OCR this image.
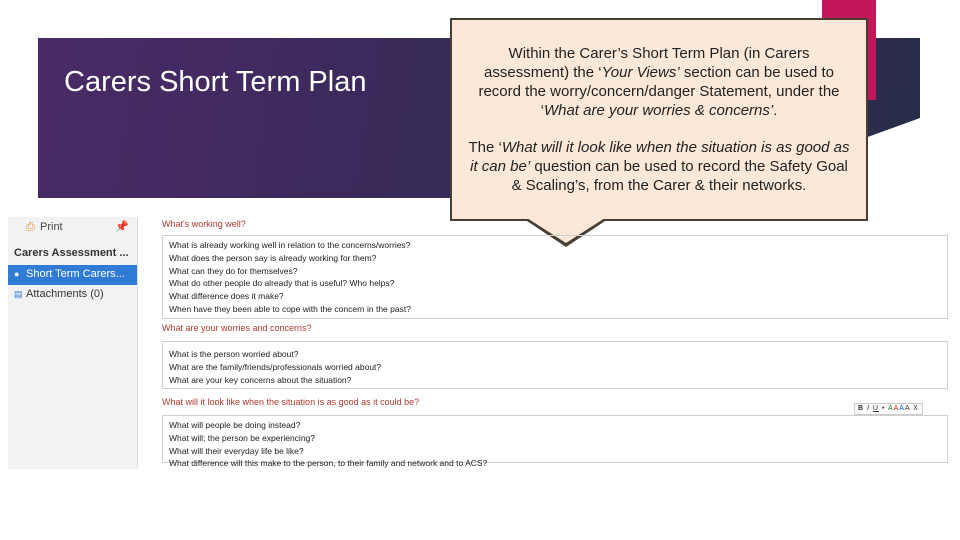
Carers Short Term Plan

Within the Carer’s Short Term Plan (in Carers assessment) the ‘Your Views’ section can be used to record the worry/concern/danger Statement, under the ‘What are your worries & concerns’.

The ‘What will it look like when the situation is as good as it can be’ question can be used to record the Safety Goal & Scaling’s, from the Carer & their networks.

⎙ Print	📌
Carers Assessment ...
● Short Term Carers...
▤ Attachments (0)
What's working well?
What is already working well in relation to the concerns/worries?
What does the person say is already working for them?
What can they do for themselves?
What do other people do already that is useful? Who helps?
What difference does it make?
When have they been able to cope with the concern in the past?
What are your worries and concerns?
What is the person worried about?
What are the family/friends/professionals worried about?
What are your key concerns about the situation?
What will it look like when the situation is as good as it could be?
B I U • AAAA X
What will people be doing instead?
What will; the person be experiencing?
What will their everyday life be like?
What difference will this make to the person, to their family and network and to ACS?
